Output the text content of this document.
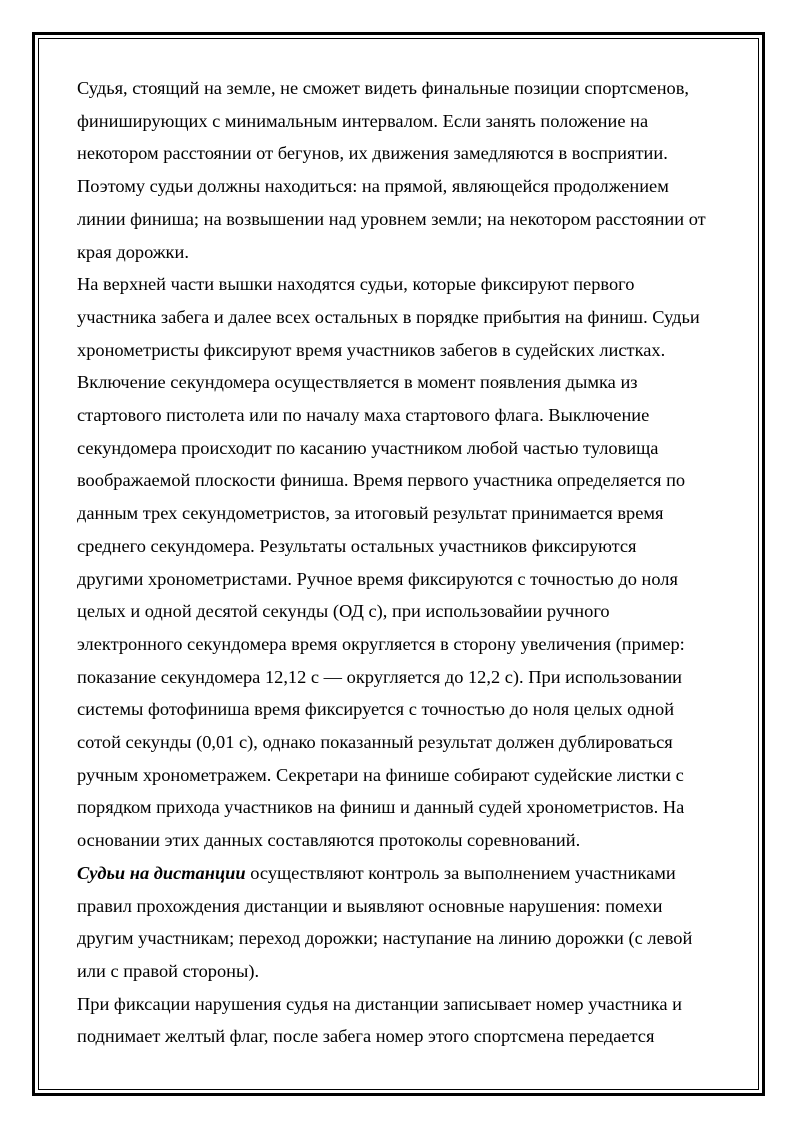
Судья, стоящий на земле, не сможет видеть финальные позиции спортсменов,
финиширующих с минимальным интервалом. Если занять положение на
некотором расстоянии от бегунов, их движения замедляются в восприятии.
Поэтому судьи должны находиться: на прямой, являющейся продолжением
линии финиша; на возвышении над уровнем земли; на некотором расстоянии от
края дорожки.

На верхней части вышки находятся судьи, которые фиксируют первого
участника забега и далее всех остальных в порядке прибытия на финиш. Судьи
хронометристы фиксируют время участников забегов в судейских листках.
Включение секундомера осуществляется в момент появления дымка из
стартового пистолета или по началу маха стартового флага. Выключение
секундомера происходит по касанию участником любой частью туловища
воображаемой плоскости финиша. Время первого участника определяется по
данным трех секундометристов, за итоговый результат принимается время
среднего секундомера. Результаты остальных участников фиксируются
другими хронометристами. Ручное время фиксируются с точностью до ноля
целых и одной десятой секунды (ОД с), при использовайии ручного
электронного секундомера время округляется в сторону увеличения (пример:
показание секундомера 12,12 с — округляется до 12,2 с). При использовании
системы фотофиниша время фиксируется с точностью до ноля целых одной
сотой секунды (0,01 с), однако показанный результат должен дублироваться
ручным хронометражем. Секретари на финише собирают судейские листки с
порядком прихода участников на финиш и данный судей хронометристов. На
основании этих данных составляются протоколы соревнований.

Судьи на дистанции осуществляют контроль за выполнением участниками
правил прохождения дистанции и выявляют основные нарушения: помехи
другим участникам; переход дорожки; наступание на линию дорожки (с левой
или с правой стороны).

При фиксации нарушения судья на дистанции записывает номер участника и
поднимает желтый флаг, после забега номер этого спортсмена передается
